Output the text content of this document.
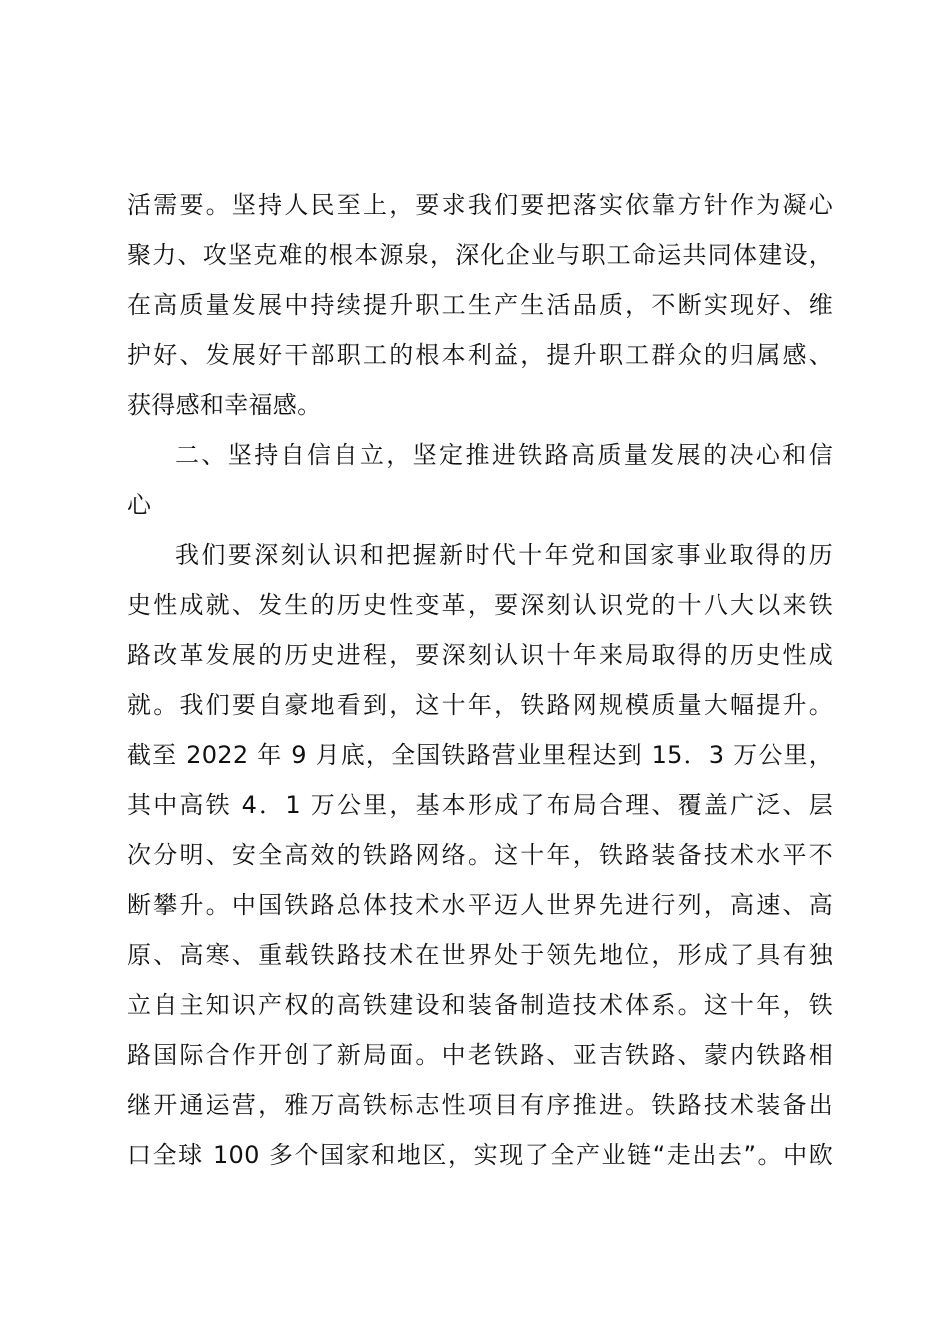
活需要。坚持人民至上，要求我们要把落实依靠方针作为凝心
聚力、攻坚克难的根本源泉，深化企业与职工命运共同体建设，
在高质量发展中持续提升职工生产生活品质，不断实现好、维
护好、发展好干部职工的根本利益，提升职工群众的归属感、
获得感和幸福感。
二、坚持自信自立，坚定推进铁路高质量发展的决心和信
心
我们要深刻认识和把握新时代十年党和国家事业取得的历
史性成就、发生的历史性变革，要深刻认识党的十八大以来铁
路改革发展的历史进程，要深刻认识十年来局取得的历史性成
就。我们要自豪地看到，这十年，铁路网规模质量大幅提升。
截至 2022 年 9 月底，全国铁路营业里程达到 15．3 万公里，
其中高铁 4．1 万公里，基本形成了布局合理、覆盖广泛、层
次分明、安全高效的铁路网络。这十年，铁路装备技术水平不
断攀升。中国铁路总体技术水平迈人世界先进行列，高速、高
原、高寒、重载铁路技术在世界处于领先地位，形成了具有独
立自主知识产权的高铁建设和装备制造技术体系。这十年，铁
路国际合作开创了新局面。中老铁路、亚吉铁路、蒙内铁路相
继开通运营，雅万高铁标志性项目有序推进。铁路技术装备出
口全球 100 多个国家和地区，实现了全产业链“走出去”。中欧
